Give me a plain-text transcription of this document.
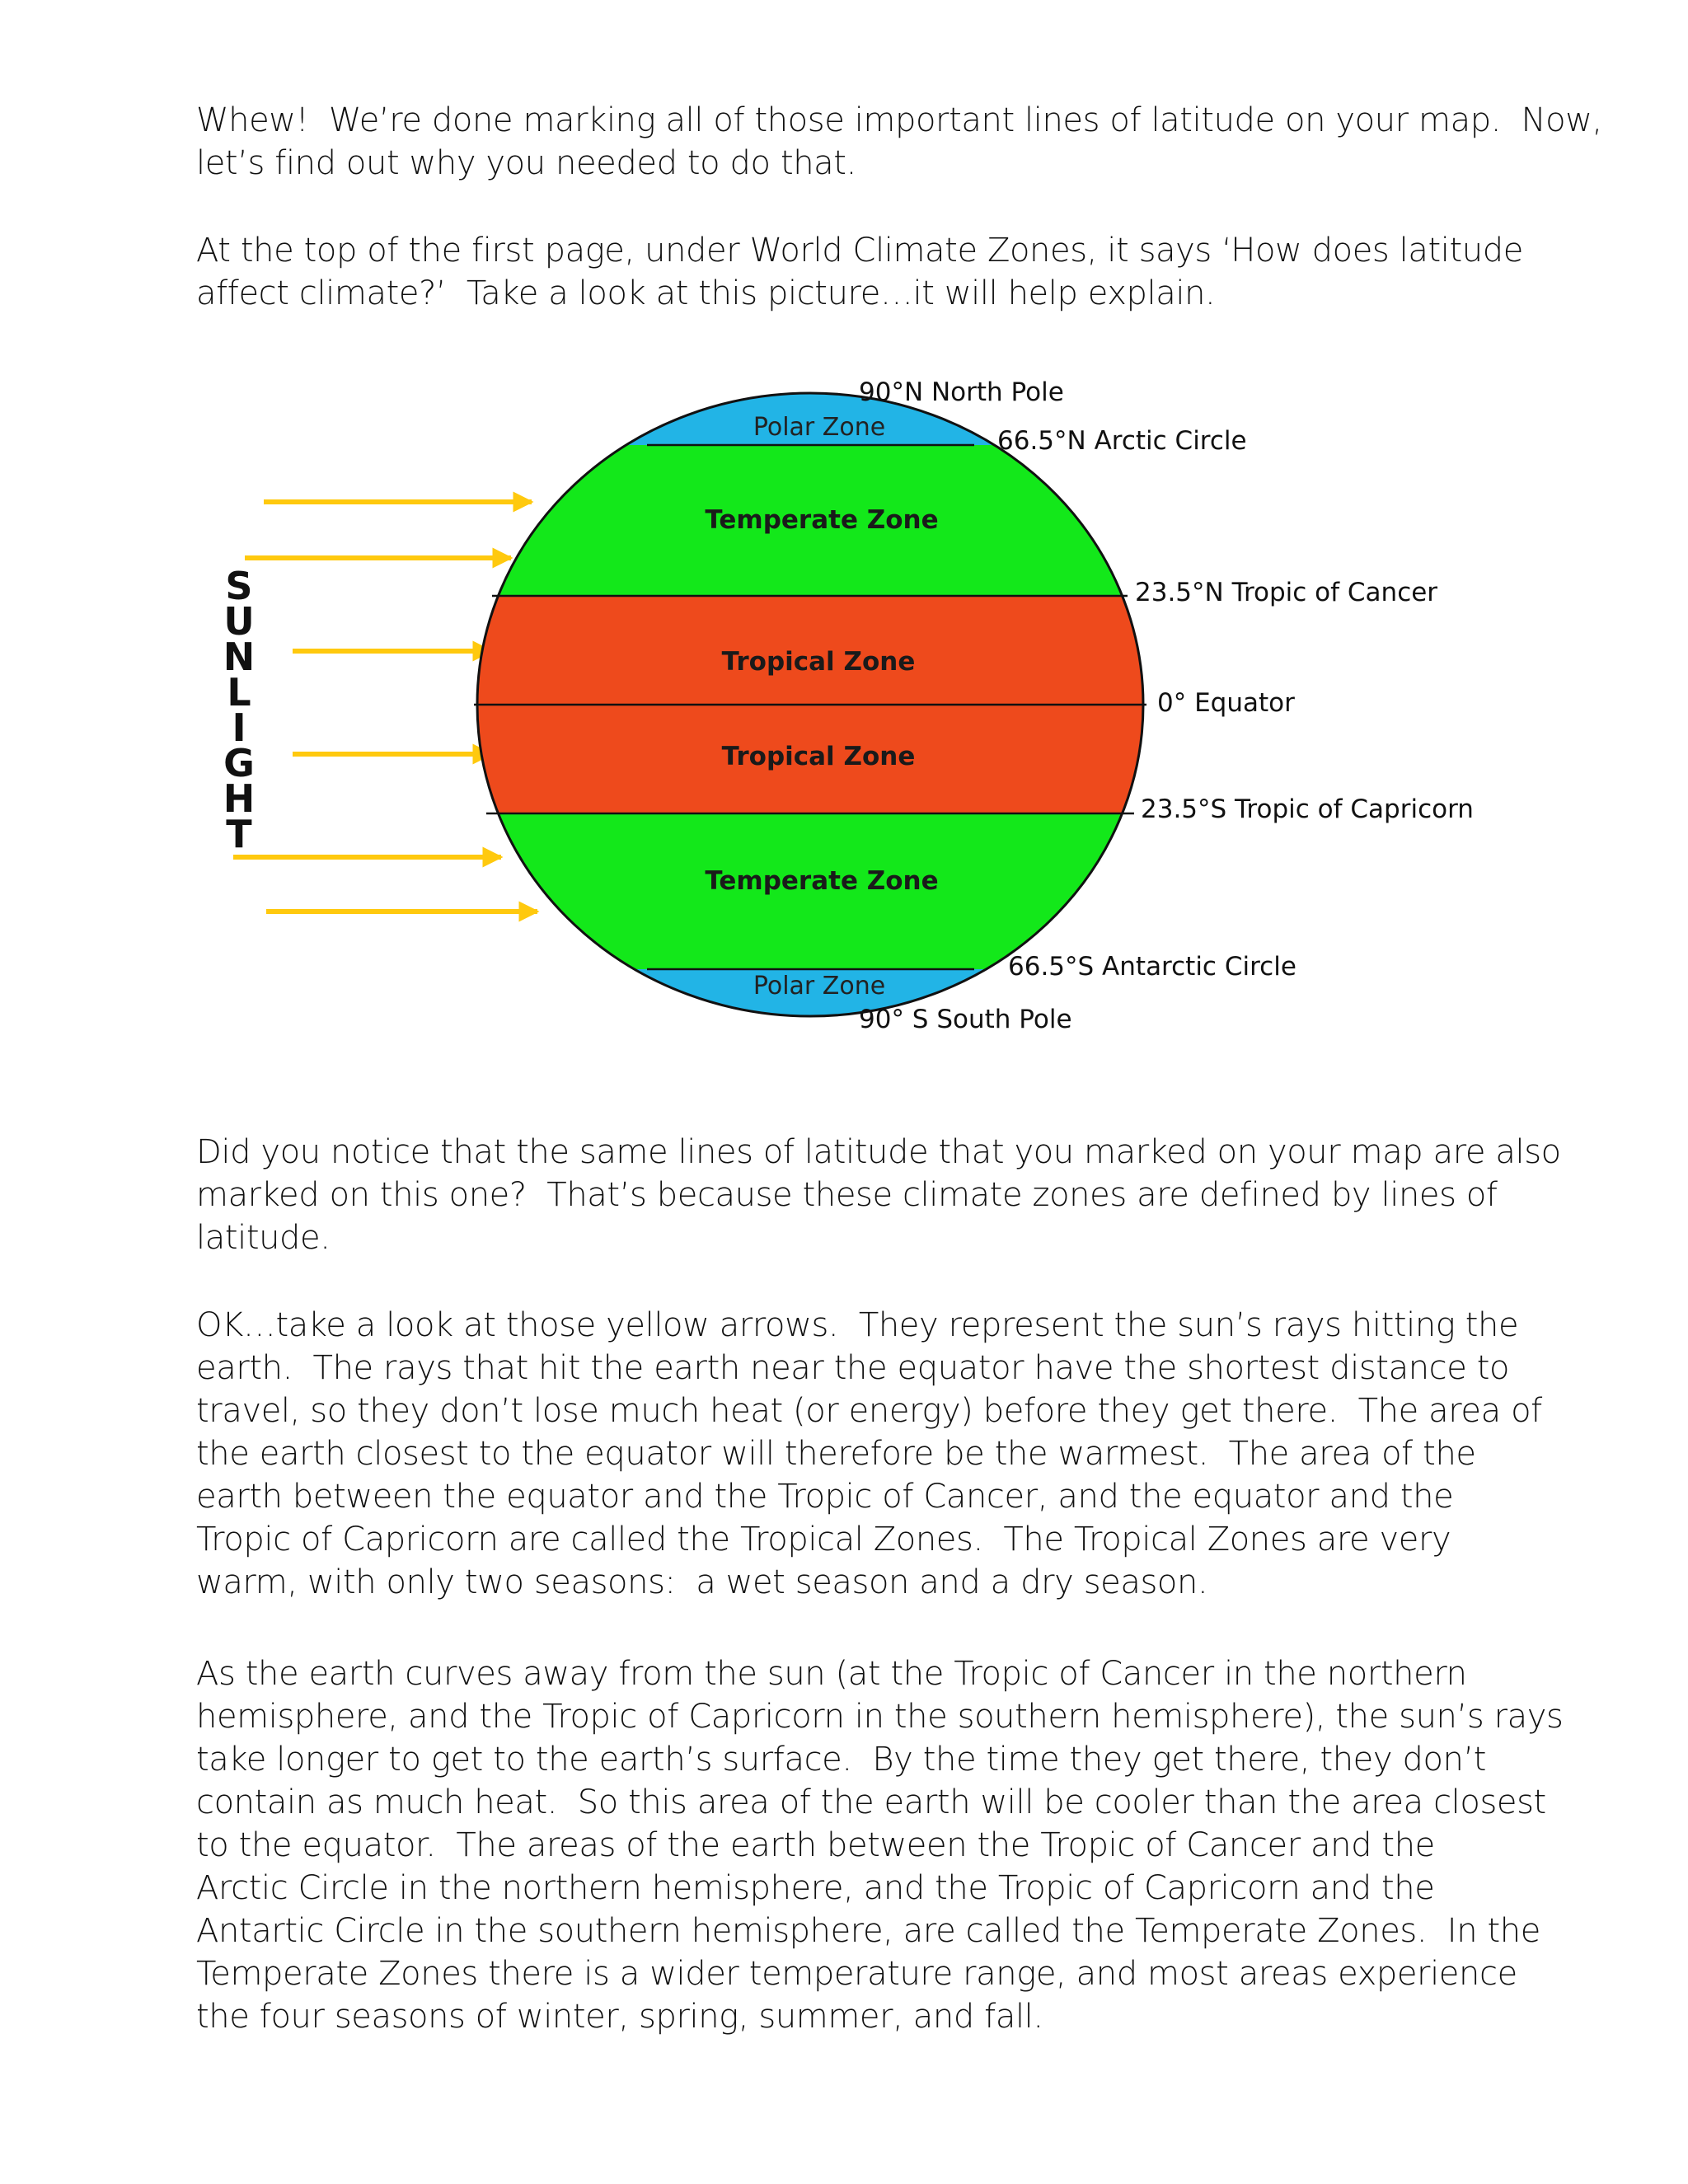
Whew!  We’re done marking all of those important lines of latitude on your map.  Now,
let’s find out why you needed to do that.
At the top of the first page, under World Climate Zones, it says ‘How does latitude
affect climate?’  Take a look at this picture…it will help explain.
S
U
N
L
I
G
H
T
Polar Zone
Temperate Zone
Tropical Zone
Tropical Zone
Temperate Zone
Polar Zone
90°N North Pole
66.5°N Arctic Circle
23.5°N Tropic of Cancer
0° Equator
23.5°S Tropic of Capricorn
66.5°S Antarctic Circle
90° S South Pole
Did you notice that the same lines of latitude that you marked on your map are also
marked on this one?  That’s because these climate zones are defined by lines of
latitude.
OK…take a look at those yellow arrows.  They represent the sun’s rays hitting the
earth.  The rays that hit the earth near the equator have the shortest distance to
travel, so they don’t lose much heat (or energy) before they get there.  The area of
the earth closest to the equator will therefore be the warmest.  The area of the
earth between the equator and the Tropic of Cancer, and the equator and the
Tropic of Capricorn are called the Tropical Zones.  The Tropical Zones are very
warm, with only two seasons:  a wet season and a dry season.
As the earth curves away from the sun (at the Tropic of Cancer in the northern
hemisphere, and the Tropic of Capricorn in the southern hemisphere), the sun’s rays
take longer to get to the earth’s surface.  By the time they get there, they don’t
contain as much heat.  So this area of the earth will be cooler than the area closest
to the equator.  The areas of the earth between the Tropic of Cancer and the
Arctic Circle in the northern hemisphere, and the Tropic of Capricorn and the
Antartic Circle in the southern hemisphere, are called the Temperate Zones.  In the
Temperate Zones there is a wider temperature range, and most areas experience
the four seasons of winter, spring, summer, and fall.
